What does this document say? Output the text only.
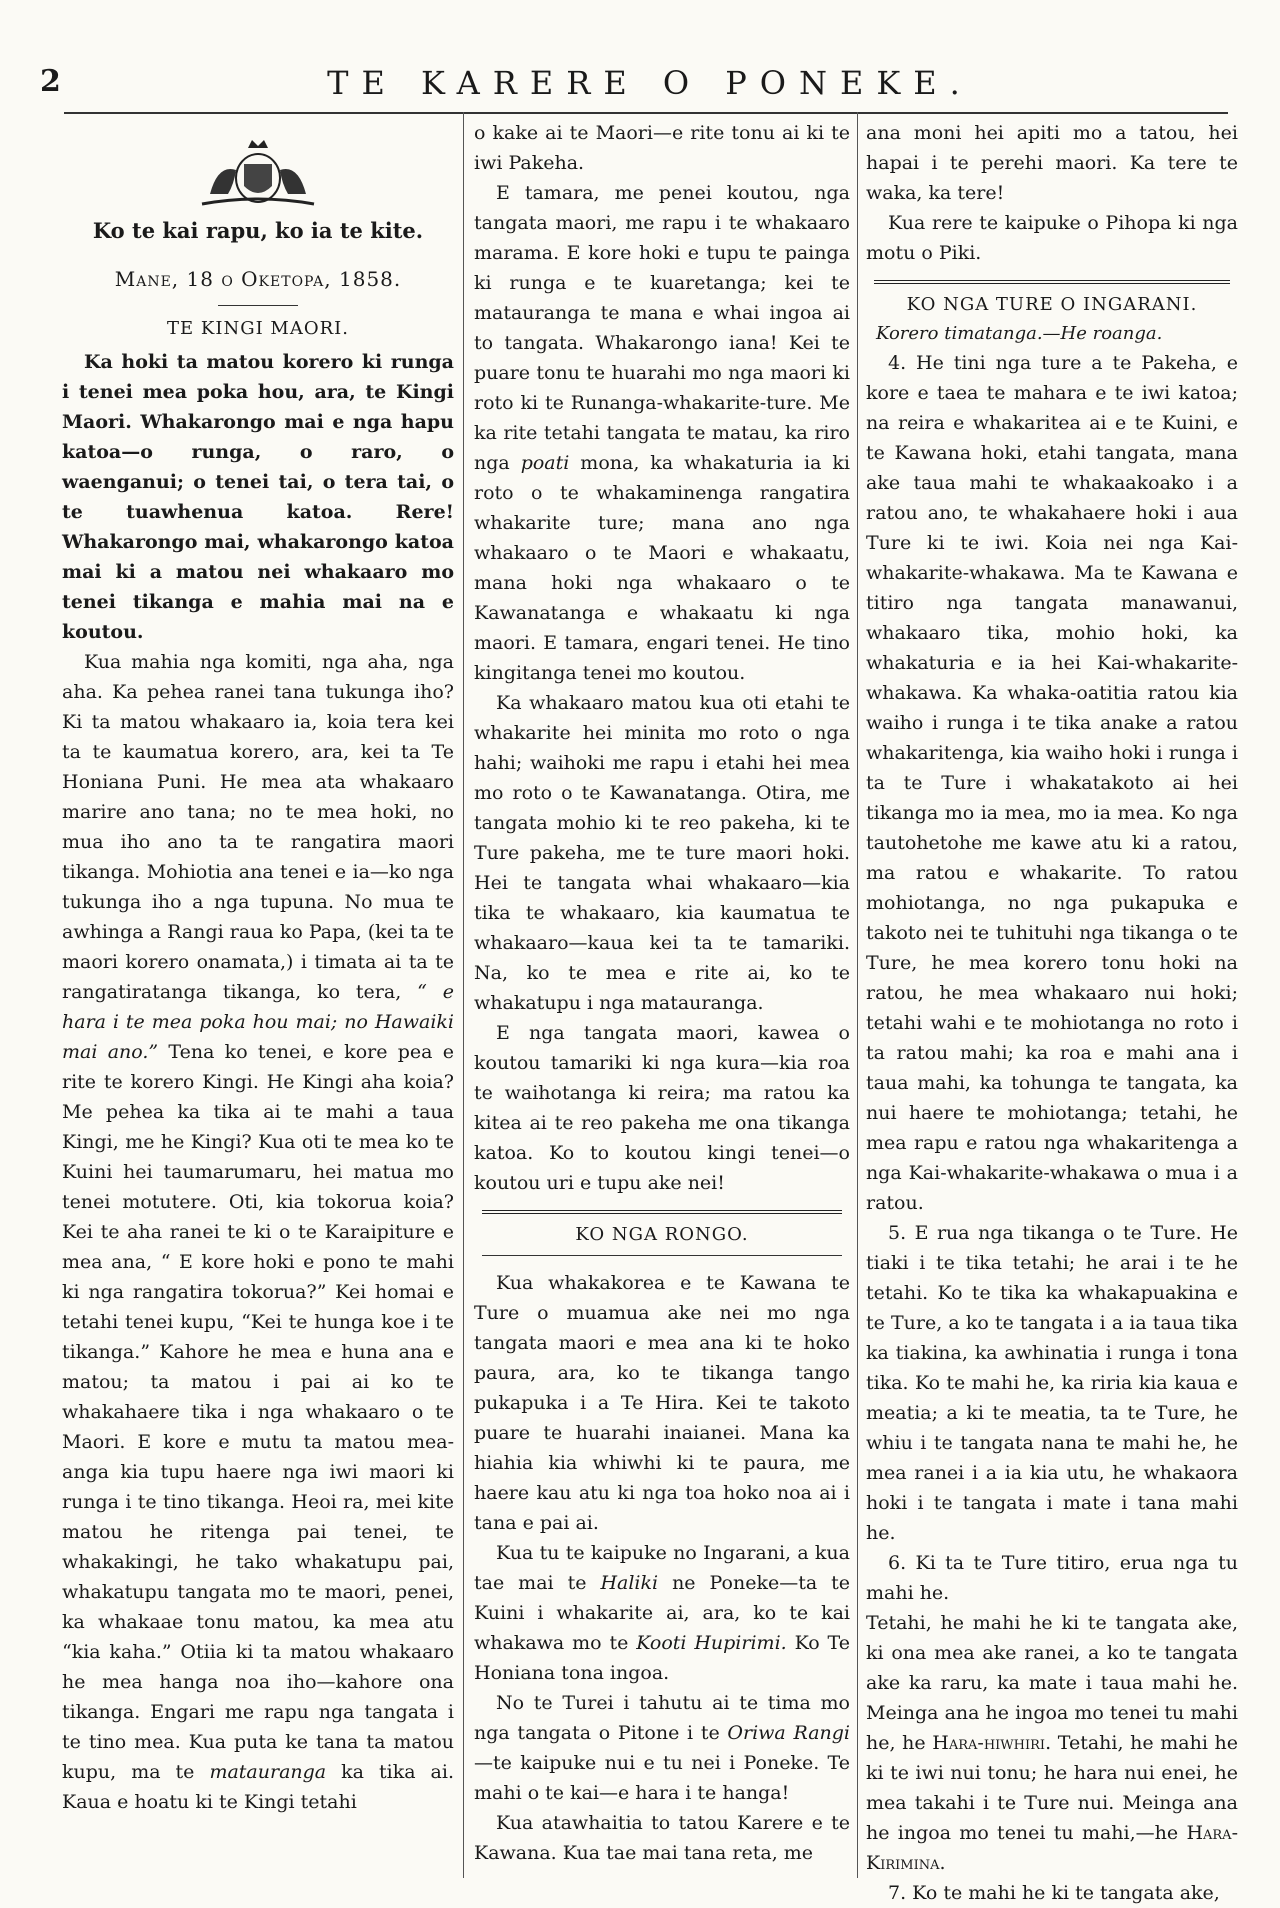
2	TE KARERE O PONEKE.
Ko te kai rapu, ko ia te kite.
Mane, 18 o Oketopa, 1858.
TE KINGI MAORI.

Ka hoki ta matou korero ki runga i tenei mea poka hou, ara, te Kingi Maori. Whakarongo mai e nga hapu katoa—o runga, o raro, o waenganui; o tenei tai, o tera tai, o te tuawhenua katoa. Rere! Whakarongo mai, whakarongo katoa mai ki a matou nei whakaaro mo tenei tikanga e mahia mai na e koutou.

Kua mahia nga komiti, nga aha, nga aha. Ka pehea ranei tana tukunga iho? Ki ta matou whakaaro ia, koia tera kei ta te kaumatua korero, ara, kei ta Te Honiana Puni. He mea ata whakaaro marire ano tana; no te mea hoki, no mua iho ano ta te rangatira maori tikanga. Mohiotia ana tenei e ia—ko nga tukunga iho a nga tupuna. No mua te awhinga a Rangi raua ko Papa, (kei ta te maori korero onamata,) i timata ai ta te rangatiratanga tikanga, ko tera, “ e hara i te mea poka hou mai; no Hawaiki mai ano.” Tena ko tenei, e kore pea e rite te korero Kingi. He Kingi aha koia? Me pehea ka tika ai te mahi a taua Kingi, me he Kingi? Kua oti te mea ko te Kuini hei taumarumaru, hei matua mo tenei motutere. Oti, kia tokorua koia? Kei te aha ranei te ki o te Karaipiture e mea ana, “ E kore hoki e pono te mahi ki nga rangatira tokorua?” Kei homai e tetahi tenei kupu, “Kei te hunga koe i te tikanga.” Kahore he mea e huna ana e matou; ta matou i pai ai ko te whakahaere tika i nga whakaaro o te Maori. E kore e mutu ta matou mea-anga kia tupu haere nga iwi maori ki runga i te tino tikanga. Heoi ra, mei kite matou he ritenga pai tenei, te whakakingi, he tako whakatupu pai, whakatupu tangata mo te maori, penei, ka whakaae tonu matou, ka mea atu “kia kaha.” Otiia ki ta matou whakaaro he mea hanga noa iho—kahore ona tikanga. Engari me rapu nga tangata i te tino mea. Kua puta ke tana ta matou kupu, ma te matauranga ka tika ai. Kaua e hoatu ki te Kingi tetahi

o kake ai te Maori—e rite tonu ai ki te iwi Pakeha.

E tamara, me penei koutou, nga tangata maori, me rapu i te whakaaro marama. E kore hoki e tupu te painga ki runga e te kuaretanga; kei te matauranga te mana e whai ingoa ai to tangata. Whakarongo iana! Kei te puare tonu te huarahi mo nga maori ki roto ki te Runanga-whakarite-ture. Me ka rite tetahi tangata te matau, ka riro nga poati mona, ka whakaturia ia ki roto o te whakaminenga rangatira whakarite ture; mana ano nga whakaaro o te Maori e whakaatu, mana hoki nga whakaaro o te Kawanatanga e whakaatu ki nga maori. E tamara, engari tenei. He tino kingitanga tenei mo koutou.

Ka whakaaro matou kua oti etahi te whakarite hei minita mo roto o nga hahi; waihoki me rapu i etahi hei mea mo roto o te Kawanatanga. Otira, me tangata mohio ki te reo pakeha, ki te Ture pakeha, me te ture maori hoki. Hei te tangata whai whakaaro—kia tika te whakaaro, kia kaumatua te whakaaro—kaua kei ta te tamariki. Na, ko te mea e rite ai, ko te whakatupu i nga matauranga.

E nga tangata maori, kawea o koutou tamariki ki nga kura—kia roa te waihotanga ki reira; ma ratou ka kitea ai te reo pakeha me ona tikanga katoa. Ko to koutou kingi tenei—o koutou uri e tupu ake nei!

KO NGA RONGO.

Kua whakakorea e te Kawana te Ture o muamua ake nei mo nga tangata maori e mea ana ki te hoko paura, ara, ko te tikanga tango pukapuka i a Te Hira. Kei te takoto puare te huarahi inaianei. Mana ka hiahia kia whiwhi ki te paura, me haere kau atu ki nga toa hoko noa ai i tana e pai ai.

Kua tu te kaipuke no Ingarani, a kua tae mai te Haliki ne Poneke—ta te Kuini i whakarite ai, ara, ko te kai whakawa mo te Kooti Hupirimi. Ko Te Honiana tona ingoa.

No te Turei i tahutu ai te tima mo nga tangata o Pitone i te Oriwa Rangi—te kaipuke nui e tu nei i Poneke. Te mahi o te kai—e hara i te hanga!

Kua atawhaitia to tatou Karere e te Kawana. Kua tae mai tana reta, me

ana moni hei apiti mo a tatou, hei hapai i te perehi maori. Ka tere te waka, ka tere!

Kua rere te kaipuke o Pihopa ki nga motu o Piki.

KO NGA TURE O INGARANI.
Korero timatanga.—He roanga.

4. He tini nga ture a te Pakeha, e kore e taea te mahara e te iwi katoa; na reira e whakaritea ai e te Kuini, e te Kawana hoki, etahi tangata, mana ake taua mahi te whakaakoako i a ratou ano, te whakahaere hoki i aua Ture ki te iwi. Koia nei nga Kai-whakarite-whakawa. Ma te Kawana e titiro nga tangata manawanui, whakaaro tika, mohio hoki, ka whakaturia e ia hei Kai-whakarite-whakawa. Ka whaka-oatitia ratou kia waiho i runga i te tika anake a ratou whakaritenga, kia waiho hoki i runga i ta te Ture i whakatakoto ai hei tikanga mo ia mea, mo ia mea. Ko nga tautohetohe me kawe atu ki a ratou, ma ratou e whakarite. To ratou mohiotanga, no nga pukapuka e takoto nei te tuhituhi nga tikanga o te Ture, he mea korero tonu hoki na ratou, he mea whakaaro nui hoki; tetahi wahi e te mohiotanga no roto i ta ratou mahi; ka roa e mahi ana i taua mahi, ka tohunga te tangata, ka nui haere te mohiotanga; tetahi, he mea rapu e ratou nga whakaritenga a nga Kai-whakarite-whakawa o mua i a ratou.

5. E rua nga tikanga o te Ture. He tiaki i te tika tetahi; he arai i te he tetahi. Ko te tika ka whakapuakina e te Ture, a ko te tangata i a ia taua tika ka tiakina, ka awhinatia i runga i tona tika. Ko te mahi he, ka riria kia kaua e meatia; a ki te meatia, ta te Ture, he whiu i te tangata nana te mahi he, he mea ranei i a ia kia utu, he whakaora hoki i te tangata i mate i tana mahi he.

6. Ki ta te Ture titiro, erua nga tu mahi he.

Tetahi, he mahi he ki te tangata ake, ki ona mea ake ranei, a ko te tangata ake ka raru, ka mate i taua mahi he. Meinga ana he ingoa mo tenei tu mahi he, he Hara-hiwhiri. Tetahi, he mahi he ki te iwi nui tonu; he hara nui enei, he mea takahi i te Ture nui. Meinga ana he ingoa mo tenei tu mahi,—he Hara-Kirimina.

7. Ko te mahi he ki te tangata ake,
